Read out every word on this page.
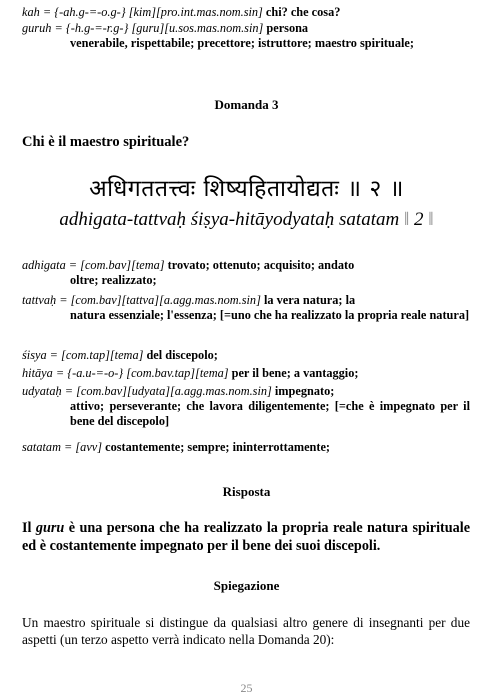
kah = {-ah.g-=-o.g-} [kim][pro.int.mas.nom.sin] chi? che cosa?
guruh = {-h.g-=-r.g-} [guru][u.sos.mas.nom.sin] persona
venerabile, rispettabile; precettore; istruttore; maestro spirituale;
Domanda 3
Chi è il maestro spirituale?
अधिगततत्त्वः शिष्यहितायोद्यतः ॥ २ ॥
adhigata-tattvaḥ śiṣya-hitāyodyataḥ satatam ‖ 2 ‖
adhigata = [com.bav][tema] trovato; ottenuto; acquisito; andato
oltre; realizzato;
tattvaḥ = [com.bav][tattva][a.agg.mas.nom.sin] la vera natura; la
natura essenziale; l'essenza; [=uno che ha realizzato la propria reale natura]
śisya = [com.tap][tema] del discepolo;
hitāya = {-a.u-=-o-} [com.bav.tap][tema] per il bene; a vantaggio;
udyataḥ = [com.bav][udyata][a.agg.mas.nom.sin] impegnato;
attivo; perseverante; che lavora diligentemente; [=che è impegnato per il bene del discepolo]
satatam = [avv] costantemente; sempre; ininterrottamente;
Risposta
Il guru è una persona che ha realizzato la propria reale natura spirituale ed è costantemente impegnato per il bene dei suoi discepoli.
Spiegazione
Un maestro spirituale si distingue da qualsiasi altro genere di insegnanti per due aspetti (un terzo aspetto verrà indicato nella Domanda 20):
25
